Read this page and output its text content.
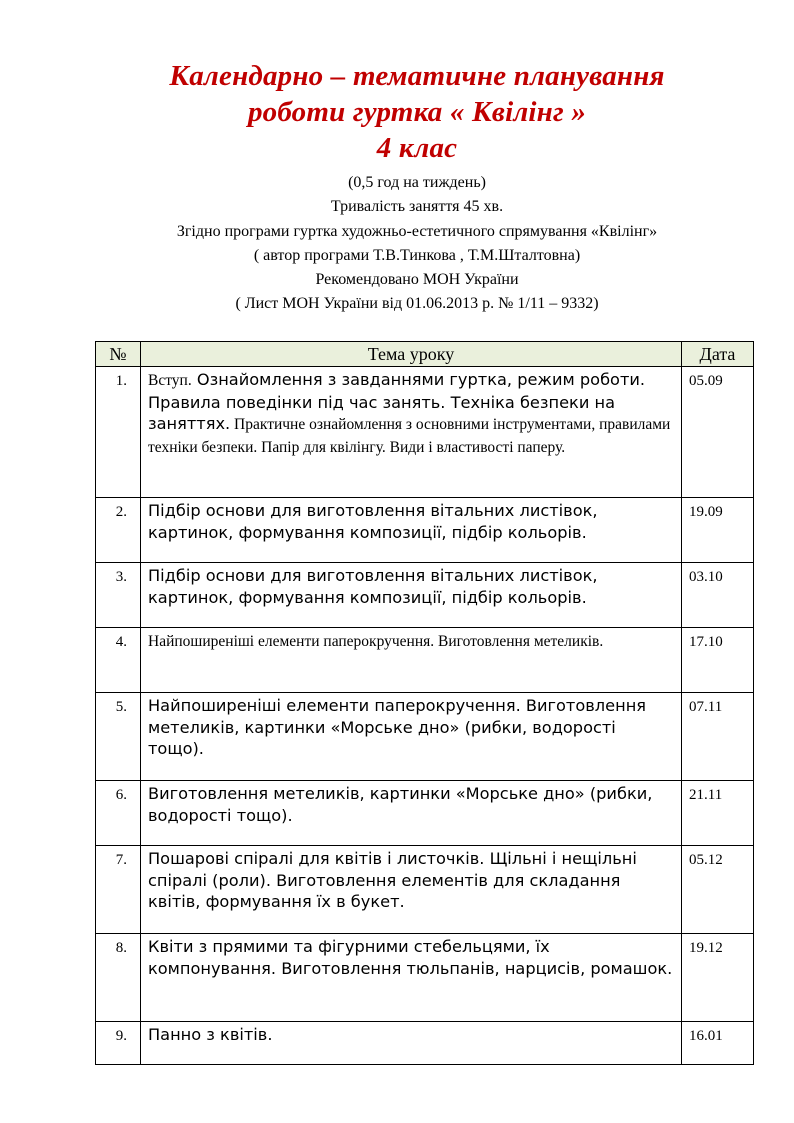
Календарно – тематичне планування
роботи гуртка « Квілінг »
4 клас
(0,5 год на тиждень)
Тривалість заняття 45 хв.
Згідно програми гуртка художньо-естетичного спрямування «Квілінг»
( автор програми Т.В.Тинкова , Т.М.Шталтовна)
Рекомендовано МОН України
( Лист МОН України від 01.06.2013 р. № 1/11 – 9332)
№	Тема уроку	Дата
1.	Вступ. Ознайомлення з завданнями гуртка, режим роботи. Правила поведінки під час занять. Техніка безпеки на заняттях. Практичне ознайомлення з основними інструментами, правилами техніки безпеки. Папір для квілінгу. Види і властивості паперу.	05.09
2.	Підбір основи для виготовлення вітальних листівок, картинок, формування композиції, підбір кольорів.	19.09
3.	Підбір основи для виготовлення вітальних листівок, картинок, формування композиції, підбір кольорів.	03.10
4.	Найпоширеніші елементи паперокручення. Виготовлення метеликів.	17.10
5.	Найпоширеніші елементи паперокручення. Виготовлення метеликів, картинки «Морське дно» (рибки, водорості тощо).	07.11
6.	Виготовлення метеликів, картинки «Морське дно» (рибки, водорості тощо).	21.11
7.	Пошарові спіралі для квітів і листочків. Щільні і нещільні спіралі (роли). Виготовлення елементів для складання квітів, формування їх в букет.	05.12
8.	Квіти з прямими та фігурними стебельцями, їх компонування. Виготовлення тюльпанів, нарцисів, ромашок.	19.12
9.	Панно з квітів.	16.01
